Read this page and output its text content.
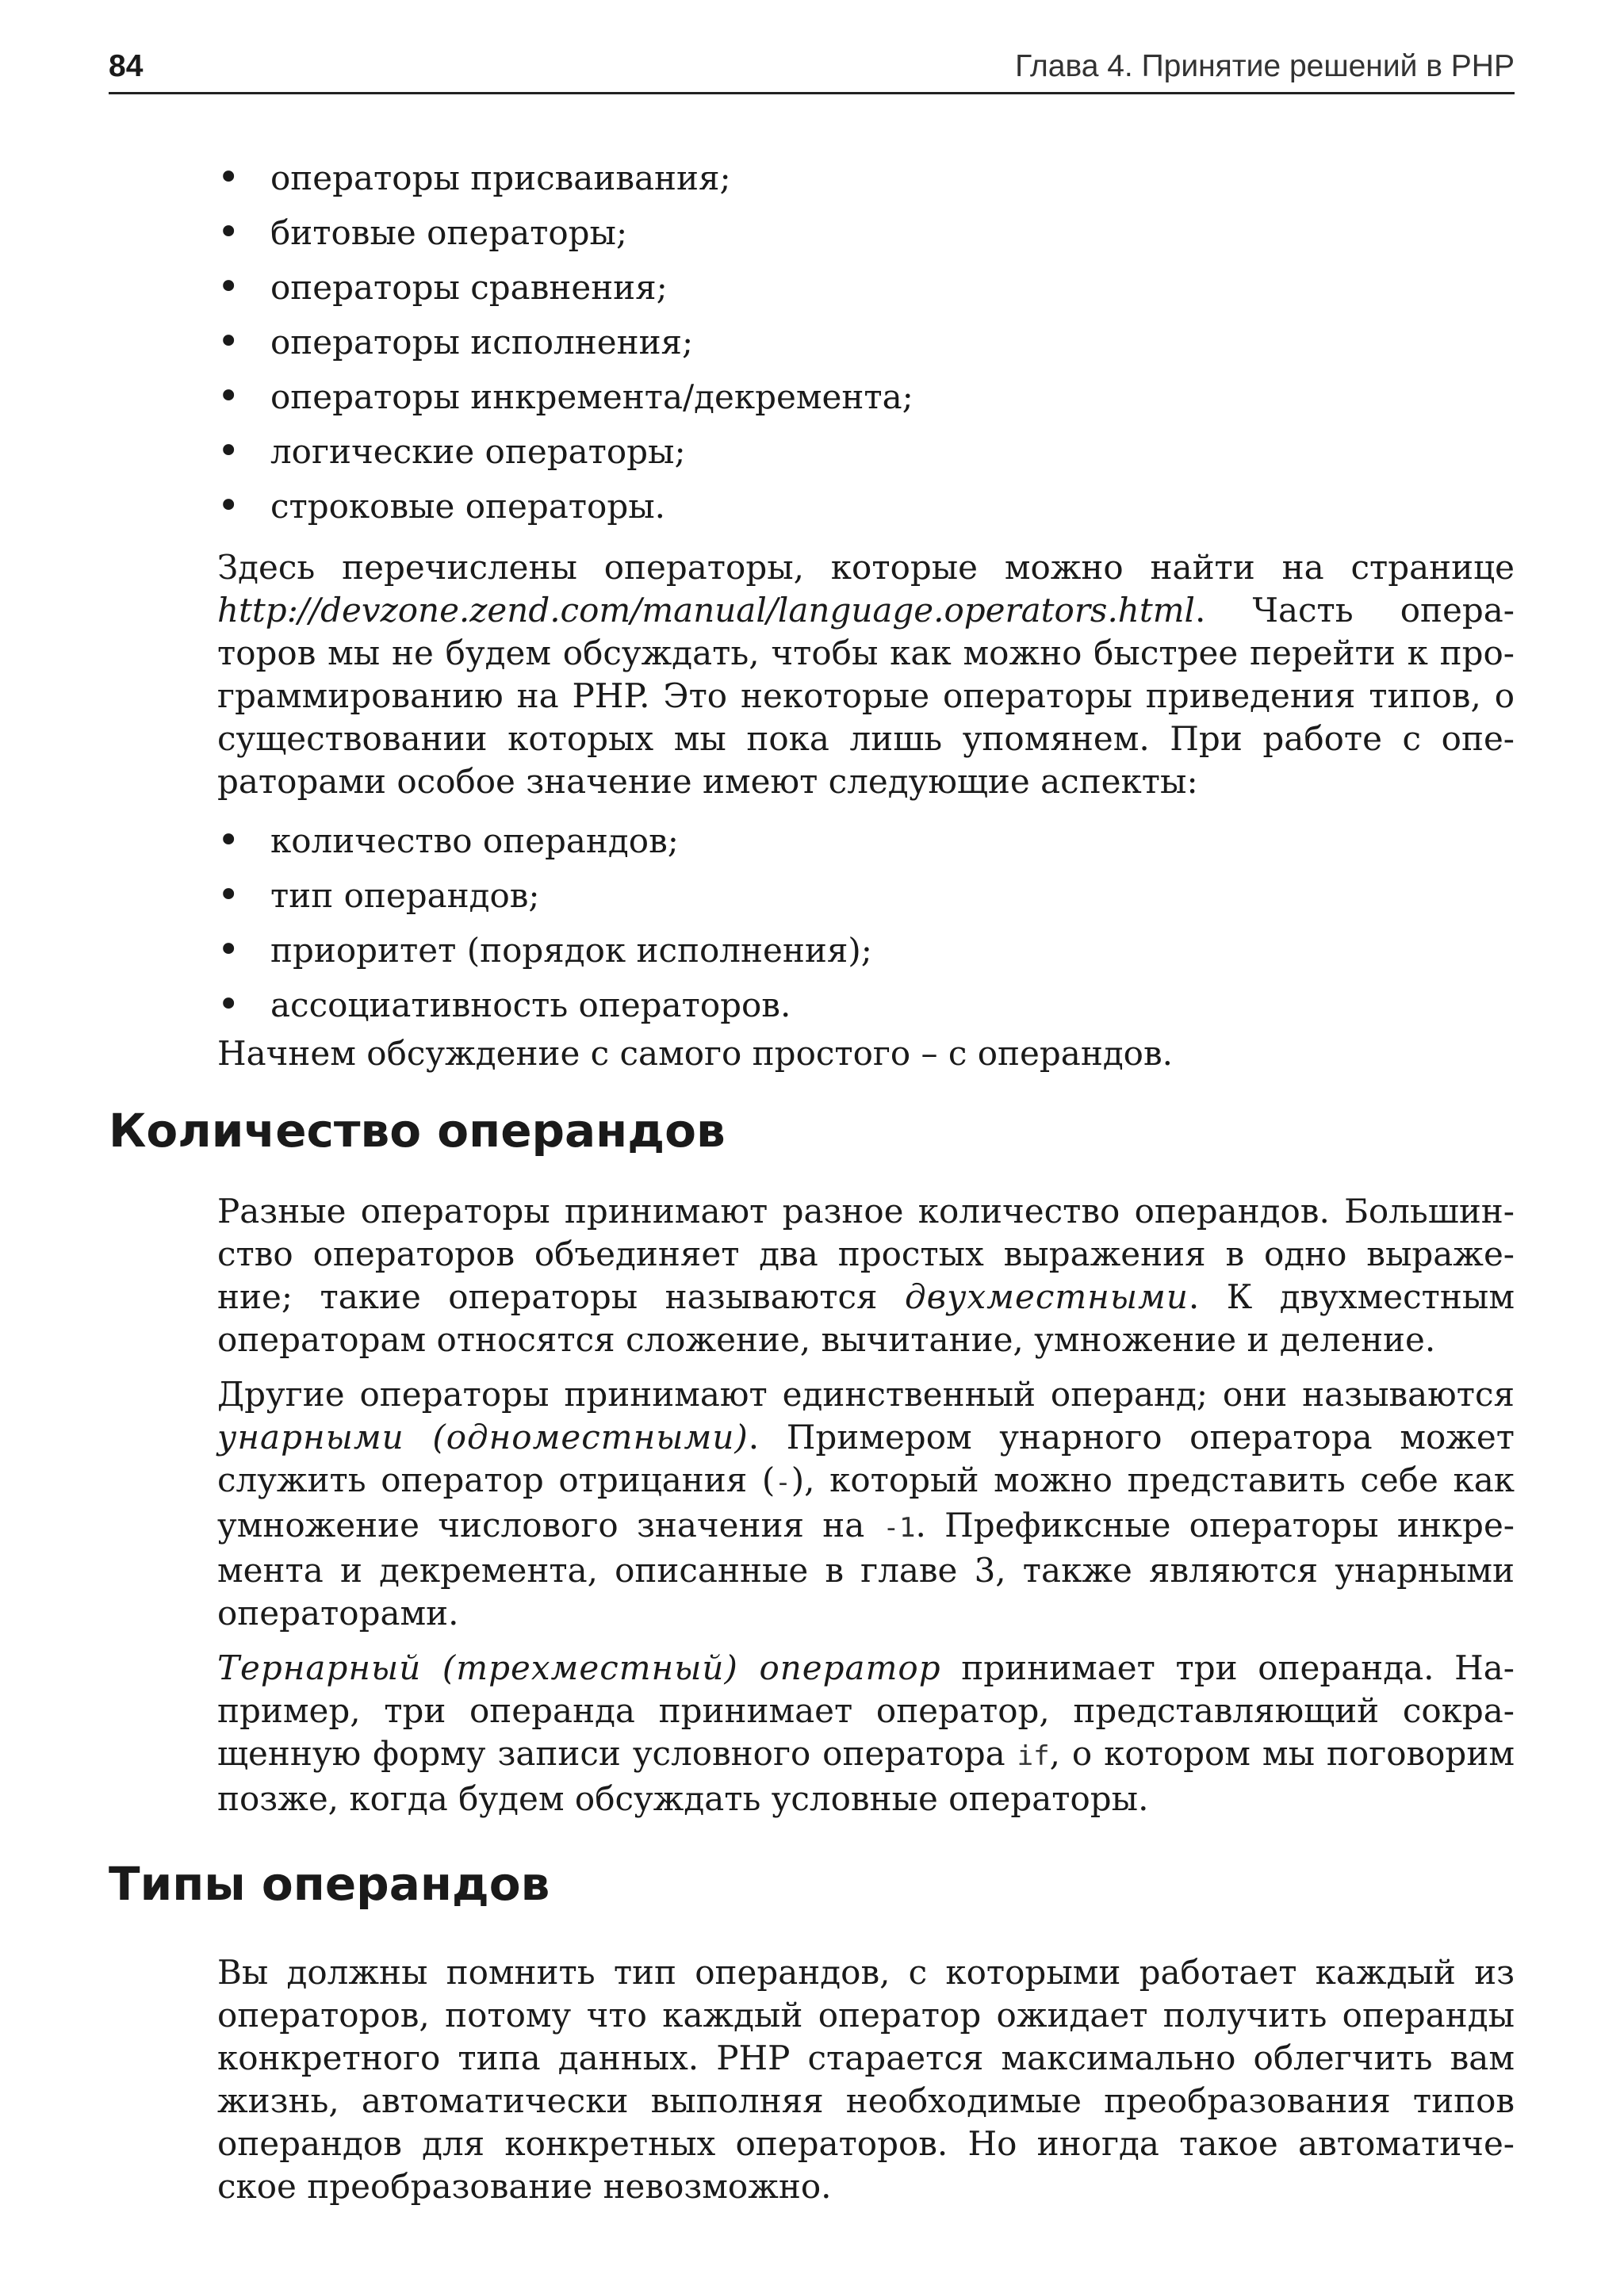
84	Глава 4. Принятие решений в PHP
• операторы присваивания;
• битовые операторы;
• операторы сравнения;
• операторы исполнения;
• операторы инкремента/декремента;
• логические операторы;
• строковые операторы.

Здесь перечислены операторы, которые можно найти на странице http://devzone.zend.com/manual/language.operators.html. Часть опера-торов мы не будем обсуждать, чтобы как можно быстрее перейти к про-граммированию на PHP. Это некоторые операторы приведения типов, о существовании которых мы пока лишь упомянем. При работе с опе-раторами особое значение имеют следующие аспекты:

• количество операндов;
• тип операндов;
• приоритет (порядок исполнения);
• ассоциативность операторов.

Начнем обсуждение с самого простого – с операндов.

Количество операндов

Разные операторы принимают разное количество операндов. Большин-ство операторов объединяет два простых выражения в одно выраже-ние; такие операторы называются двухместными. К двухместным операторам относятся сложение, вычитание, умножение и деление.

Другие операторы принимают единственный операнд; они называются унарными (одноместными). Примером унарного оператора может служить оператор отрицания (-), который можно представить себе как умножение числового значения на -1. Префиксные операторы инкре-мента и декремента, описанные в главе 3, также являются унарными операторами.

Тернарный (трехместный) оператор принимает три операнда. На-пример, три операнда принимает оператор, представляющий сокра-щенную форму записи условного оператора if, о котором мы поговорим позже, когда будем обсуждать условные операторы.

Типы операндов

Вы должны помнить тип операндов, с которыми работает каждый из операторов, потому что каждый оператор ожидает получить операнды конкретного типа данных. PHP старается максимально облегчить вам жизнь, автоматически выполняя необходимые преобразования типов операндов для конкретных операторов. Но иногда такое автоматиче-ское преобразование невозможно.
